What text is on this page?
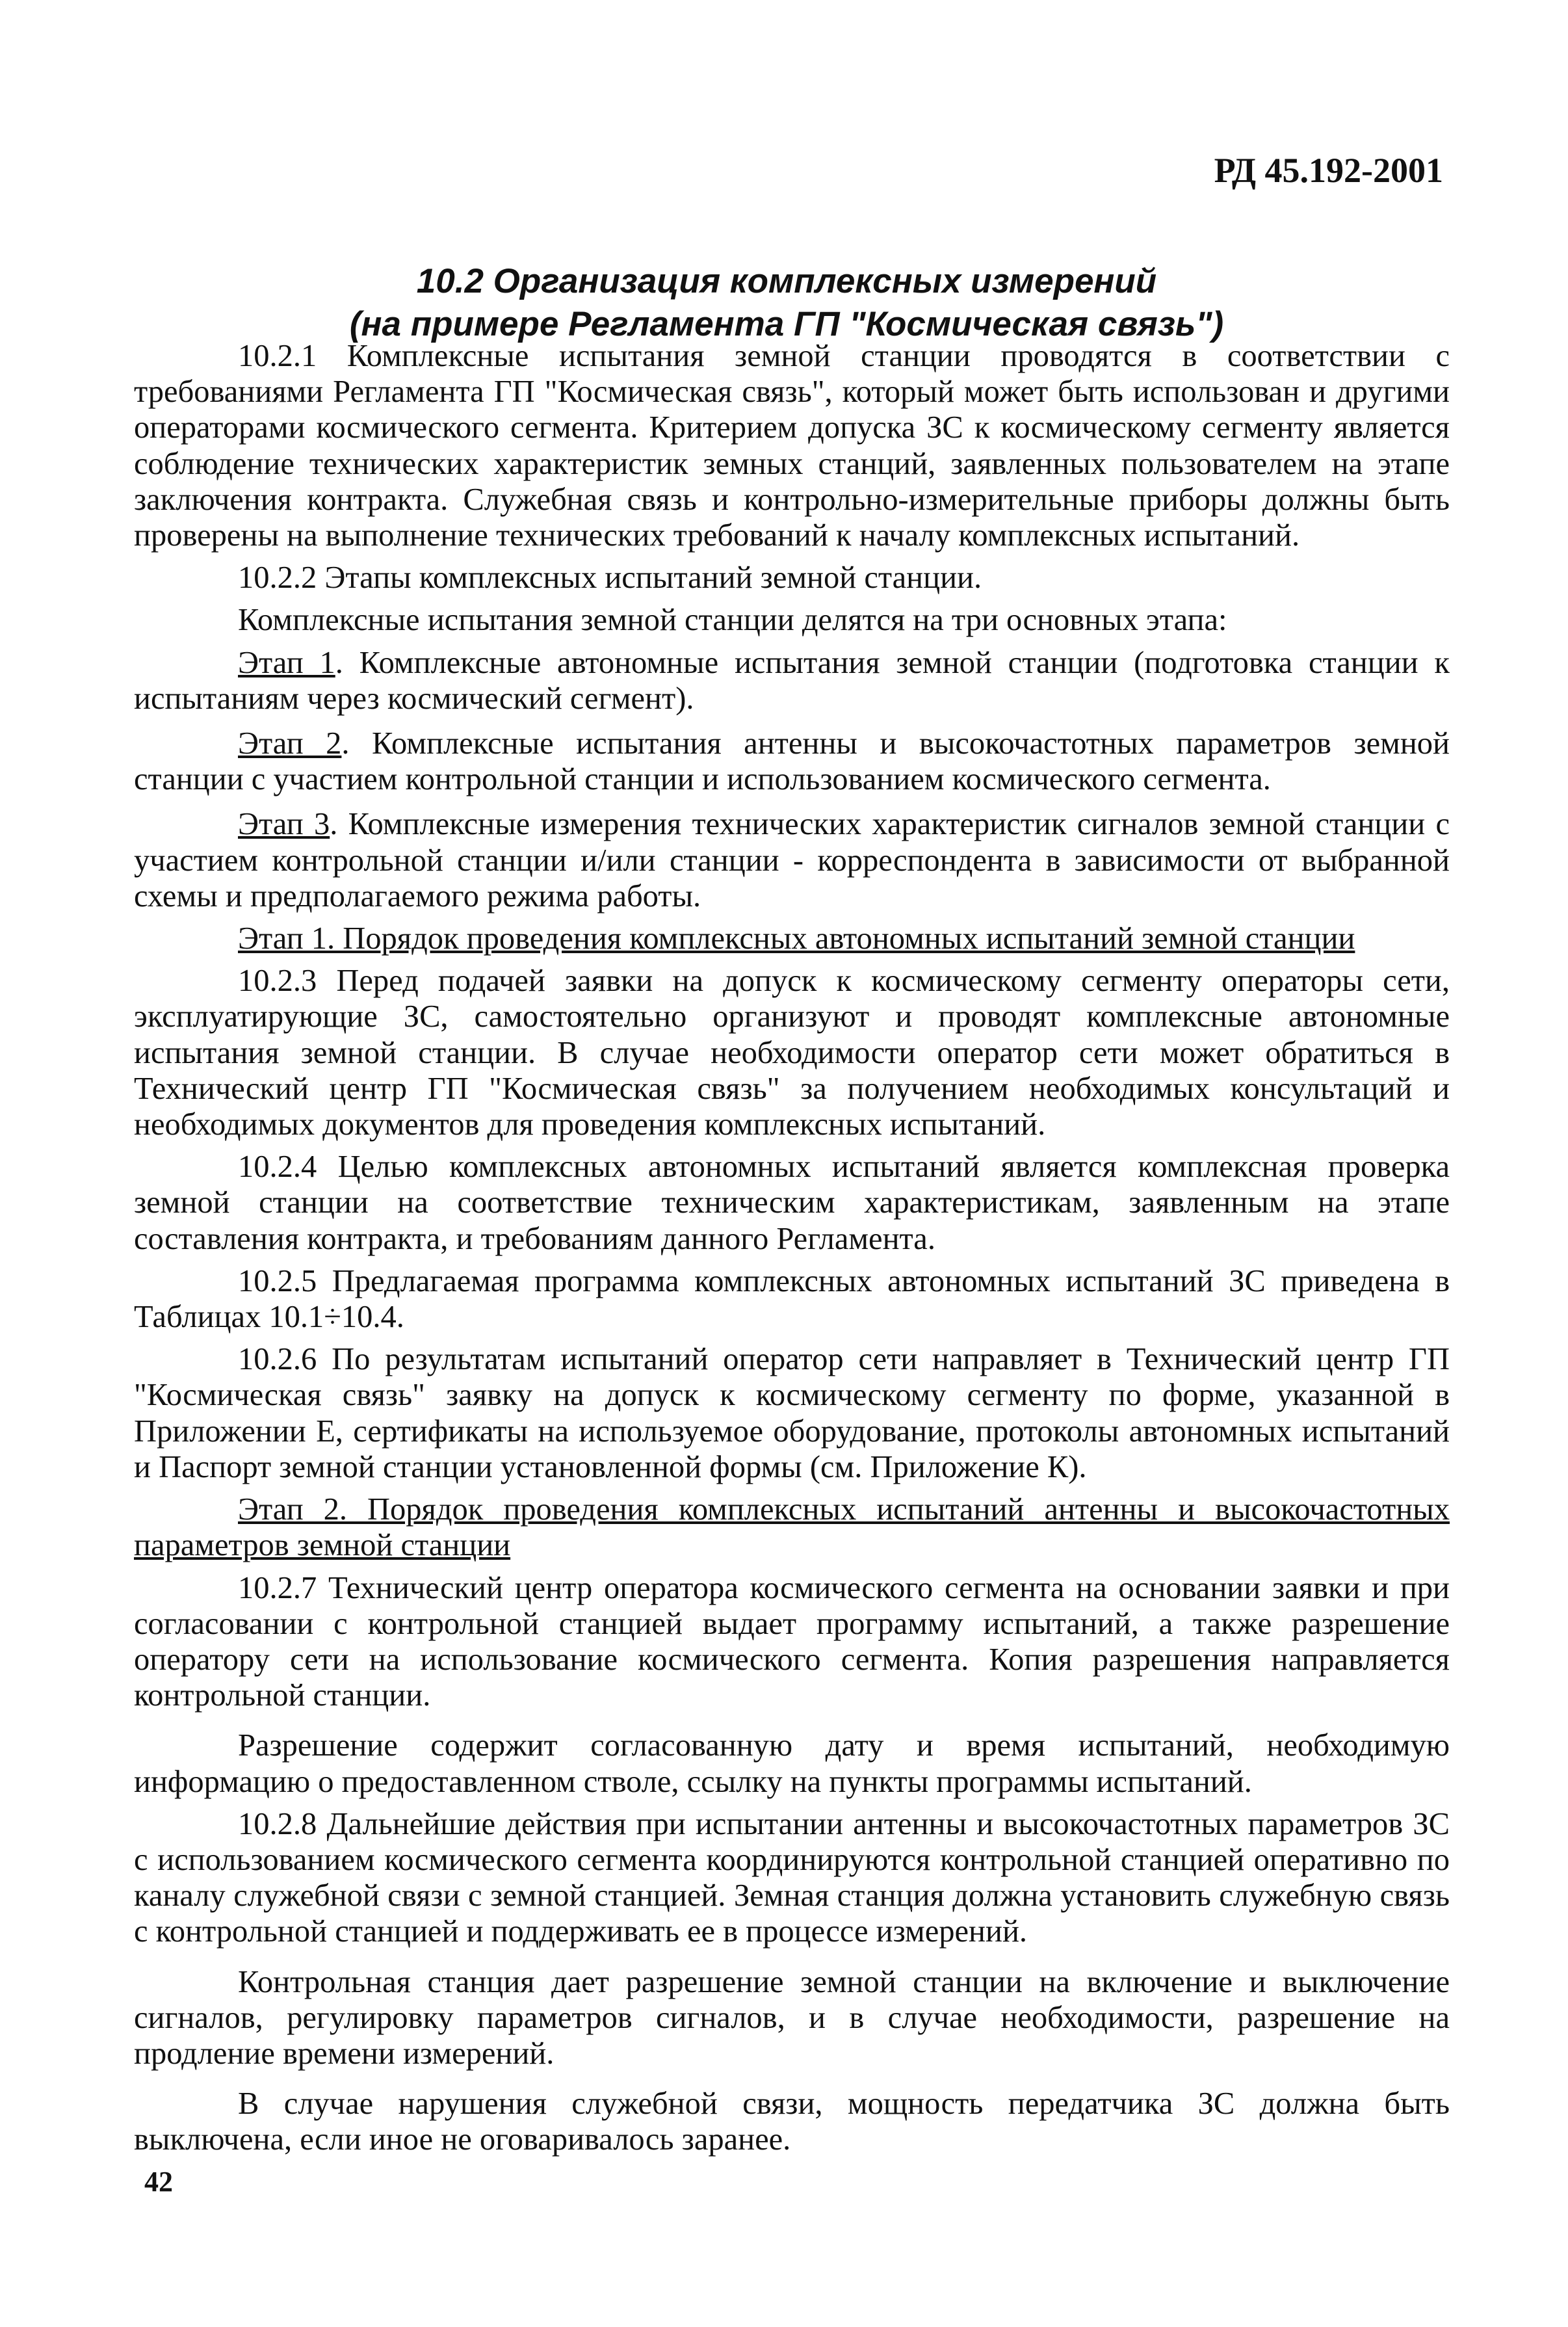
РД 45.192-2001
10.2 Организация комплексных измерений
(на примере Регламента ГП "Космическая связь")

10.2.1 Комплексные испытания земной станции проводятся в соответствии с требованиями Регламента ГП "Космическая связь", который может быть использован и другими операторами космического сегмента. Критерием допуска ЗС к космическому сегменту является соблюдение технических характеристик земных станций, заявленных пользователем на этапе заключения контракта. Служебная связь и контрольно-измерительные приборы должны быть проверены на выполнение технических требований к началу комплексных испытаний.

10.2.2 Этапы комплексных испытаний земной станции.

Комплексные испытания земной станции делятся на три основных этапа:

Этап 1. Комплексные автономные испытания земной станции (подготовка станции к испытаниям через космический сегмент).

Этап 2. Комплексные испытания антенны и высокочастотных параметров земной станции с участием контрольной станции и использованием космического сегмента.

Этап 3. Комплексные измерения технических характеристик сигналов земной станции с участием контрольной станции и/или станции - корреспондента в зависимости от выбранной схемы и предполагаемого режима работы.

Этап 1. Порядок проведения комплексных автономных испытаний земной станции

10.2.3 Перед подачей заявки на допуск к космическому сегменту операторы сети, эксплуатирующие ЗС, самостоятельно организуют и проводят комплексные автономные испытания земной станции. В случае необходимости оператор сети может обратиться в Технический центр ГП "Космическая связь" за получением необходимых консультаций и необходимых документов для проведения комплексных испытаний.

10.2.4 Целью комплексных автономных испытаний является комплексная проверка земной станции на соответствие техническим характеристикам, заявленным на этапе составления контракта, и требованиям данного Регламента.

10.2.5 Предлагаемая программа комплексных автономных испытаний ЗС приведена в Таблицах 10.1÷10.4.

10.2.6 По результатам испытаний оператор сети направляет в Технический центр ГП "Космическая связь" заявку на допуск к космическому сегменту по форме, указанной в Приложении Е, сертификаты на используемое оборудование, протоколы автономных испытаний и Паспорт земной станции установленной формы (см. Приложение К).

Этап 2. Порядок проведения комплексных испытаний антенны и высокочастотных параметров земной станции

10.2.7 Технический центр оператора космического сегмента на основании заявки и при согласовании с контрольной станцией выдает программу испытаний, а также разрешение оператору сети на использование космического сегмента. Копия разрешения направляется контрольной станции.

Разрешение содержит согласованную дату и время испытаний, необходимую информацию о предоставленном стволе, ссылку на пункты программы испытаний.

10.2.8 Дальнейшие действия при испытании антенны и высокочастотных параметров ЗС с использованием космического сегмента координируются контрольной станцией оперативно по каналу служебной связи с земной станцией. Земная станция должна установить служебную связь с контрольной станцией и поддерживать ее в процессе измерений.

Контрольная станция дает разрешение земной станции на включение и выключение сигналов, регулировку параметров сигналов, и в случае необходимости, разрешение на продление времени измерений.

В случае нарушения служебной связи, мощность передатчика ЗС должна быть выключена, если иное не оговаривалось заранее.

42
